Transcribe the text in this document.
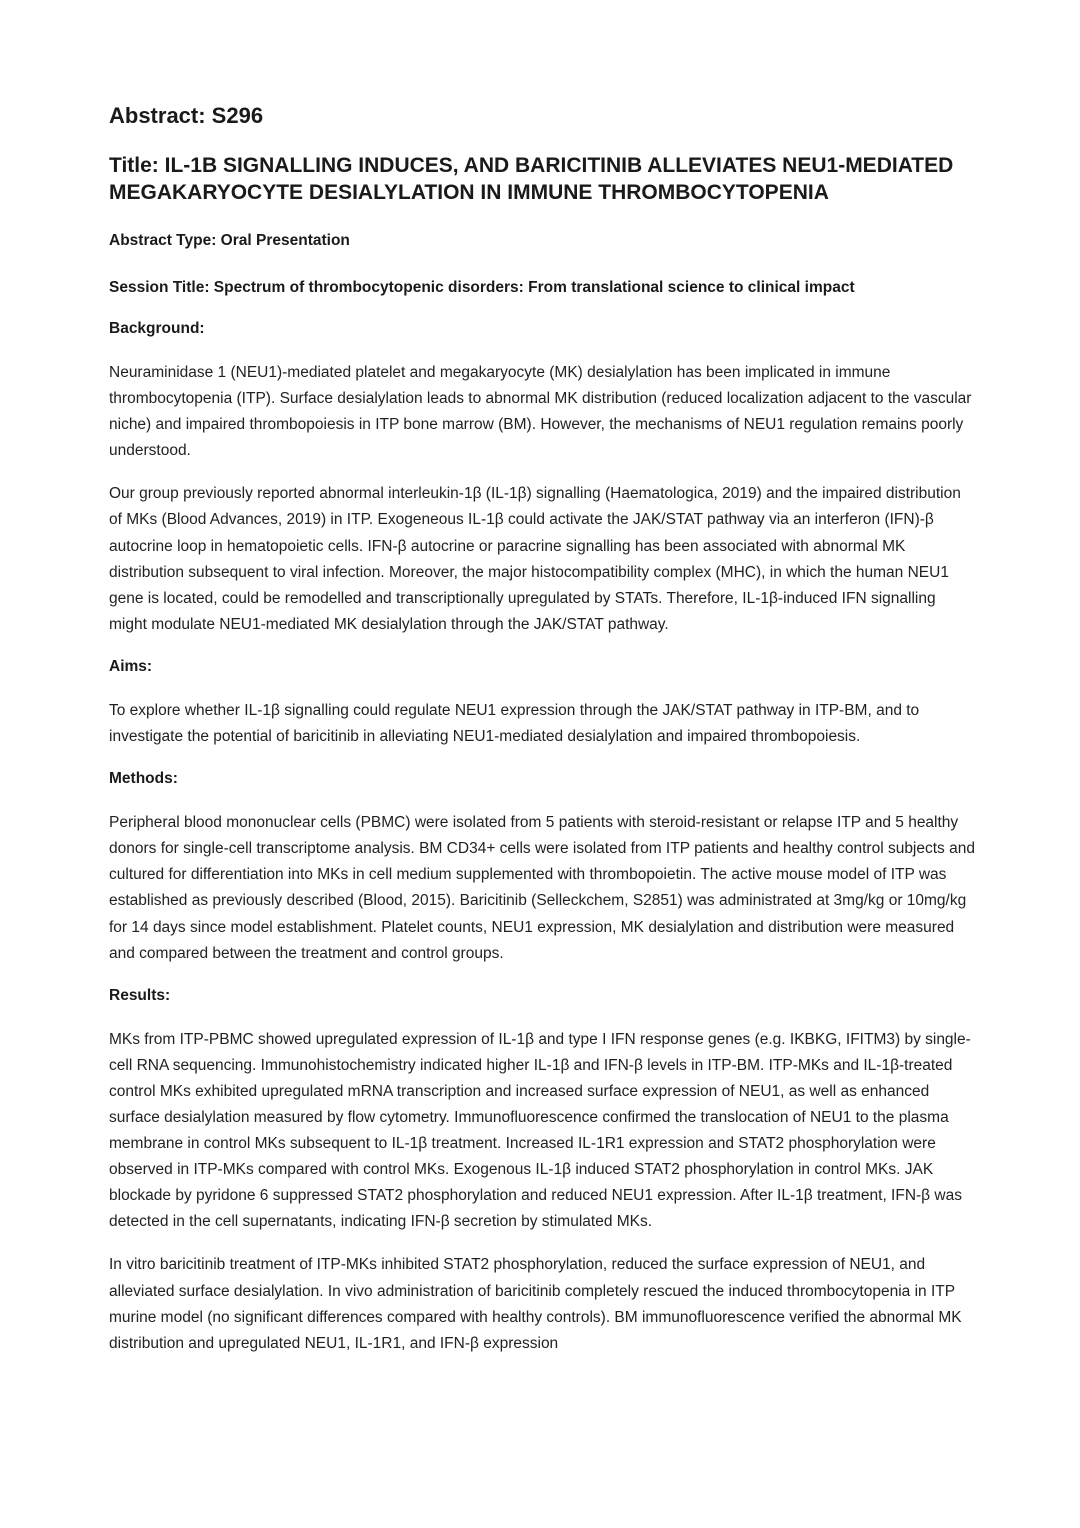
Abstract: S296
Title: IL-1B SIGNALLING INDUCES, AND BARICITINIB ALLEVIATES NEU1-MEDIATED MEGAKARYOCYTE DESIALYLATION IN IMMUNE THROMBOCYTOPENIA

Abstract Type: Oral Presentation

Session Title: Spectrum of thrombocytopenic disorders: From translational science to clinical impact

Background:

Neuraminidase 1 (NEU1)-mediated platelet and megakaryocyte (MK) desialylation has been implicated in immune thrombocytopenia (ITP). Surface desialylation leads to abnormal MK distribution (reduced localization adjacent to the vascular niche) and impaired thrombopoiesis in ITP bone marrow (BM). However, the mechanisms of NEU1 regulation remains poorly understood.

Our group previously reported abnormal interleukin-1β (IL-1β) signalling (Haematologica, 2019) and the impaired distribution of MKs (Blood Advances, 2019) in ITP. Exogeneous IL-1β could activate the JAK/STAT pathway via an interferon (IFN)-β autocrine loop in hematopoietic cells. IFN-β autocrine or paracrine signalling has been associated with abnormal MK distribution subsequent to viral infection. Moreover, the major histocompatibility complex (MHC), in which the human NEU1 gene is located, could be remodelled and transcriptionally upregulated by STATs. Therefore, IL-1β-induced IFN signalling might modulate NEU1-mediated MK desialylation through the JAK/STAT pathway.

Aims:

To explore whether IL-1β signalling could regulate NEU1 expression through the JAK/STAT pathway in ITP-BM, and to investigate the potential of baricitinib in alleviating NEU1-mediated desialylation and impaired thrombopoiesis.

Methods:

Peripheral blood mononuclear cells (PBMC) were isolated from 5 patients with steroid-resistant or relapse ITP and 5 healthy donors for single-cell transcriptome analysis. BM CD34+ cells were isolated from ITP patients and healthy control subjects and cultured for differentiation into MKs in cell medium supplemented with thrombopoietin. The active mouse model of ITP was established as previously described (Blood, 2015). Baricitinib (Selleckchem, S2851) was administrated at 3mg/kg or 10mg/kg for 14 days since model establishment. Platelet counts, NEU1 expression, MK desialylation and distribution were measured and compared between the treatment and control groups.

Results:

MKs from ITP-PBMC showed upregulated expression of IL-1β and type I IFN response genes (e.g. IKBKG, IFITM3) by single-cell RNA sequencing. Immunohistochemistry indicated higher IL-1β and IFN-β levels in ITP-BM. ITP-MKs and IL-1β-treated control MKs exhibited upregulated mRNA transcription and increased surface expression of NEU1, as well as enhanced surface desialylation measured by flow cytometry. Immunofluorescence confirmed the translocation of NEU1 to the plasma membrane in control MKs subsequent to IL-1β treatment. Increased IL-1R1 expression and STAT2 phosphorylation were observed in ITP-MKs compared with control MKs. Exogenous IL-1β induced STAT2 phosphorylation in control MKs. JAK blockade by pyridone 6 suppressed STAT2 phosphorylation and reduced NEU1 expression. After IL-1β treatment, IFN-β was detected in the cell supernatants, indicating IFN-β secretion by stimulated MKs.

In vitro baricitinib treatment of ITP-MKs inhibited STAT2 phosphorylation, reduced the surface expression of NEU1, and alleviated surface desialylation. In vivo administration of baricitinib completely rescued the induced thrombocytopenia in ITP murine model (no significant differences compared with healthy controls). BM immunofluorescence verified the abnormal MK distribution and upregulated NEU1, IL-1R1, and IFN-β expression
